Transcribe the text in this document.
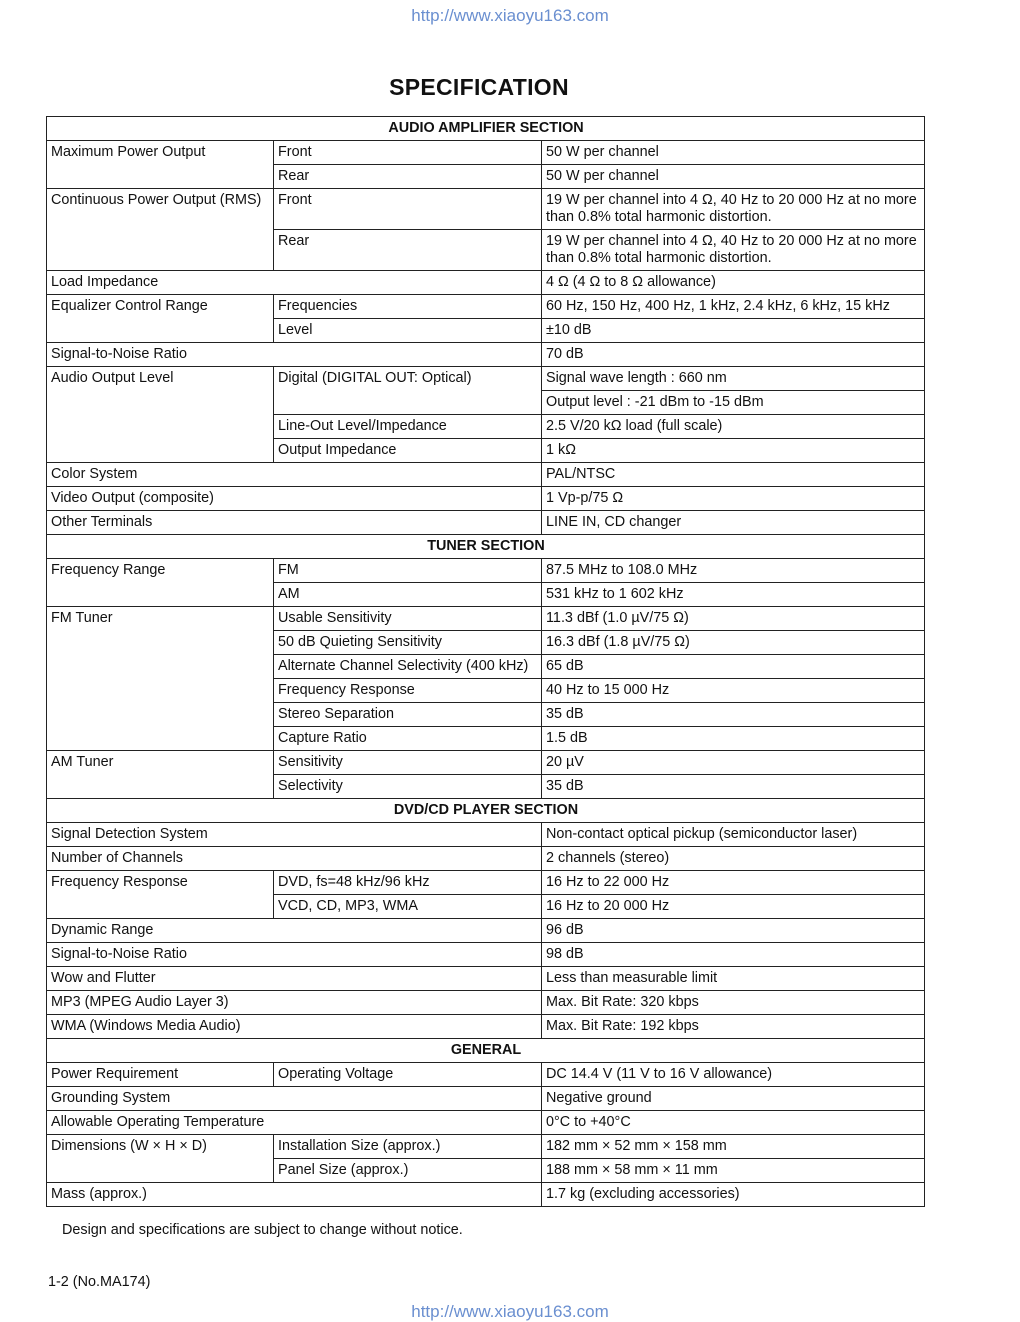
http://www.xiaoyu163.com
SPECIFICATION
AUDIO AMPLIFIER SECTION		
Maximum Power Output	Front	50 W per channel
	Rear	50 W per channel
Continuous Power Output (RMS)	Front	19 W per channel into 4 Ω, 40 Hz to 20 000 Hz at no more than 0.8% total harmonic distortion.
	Rear	19 W per channel into 4 Ω, 40 Hz to 20 000 Hz at no more than 0.8% total harmonic distortion.
Load Impedance		4 Ω (4 Ω to 8 Ω allowance)
Equalizer Control Range	Frequencies	60 Hz, 150 Hz, 400 Hz, 1 kHz, 2.4 kHz, 6 kHz, 15 kHz
	Level	±10 dB
Signal-to-Noise Ratio		70 dB
Audio Output Level	Digital (DIGITAL OUT: Optical)	Signal wave length : 660 nm
		Output level : -21 dBm to -15 dBm
	Line-Out Level/Impedance	2.5 V/20 kΩ load (full scale)
	Output Impedance	1 kΩ
Color System		PAL/NTSC
Video Output (composite)		1 Vp-p/75 Ω
Other Terminals		LINE IN, CD changer
TUNER SECTION		
Frequency Range	FM	87.5 MHz to 108.0 MHz
	AM	531 kHz to 1 602 kHz
FM Tuner	Usable Sensitivity	11.3 dBf (1.0 µV/75 Ω)
	50 dB Quieting Sensitivity	16.3 dBf (1.8 µV/75 Ω)
	Alternate Channel Selectivity (400 kHz)	65 dB
	Frequency Response	40 Hz to 15 000 Hz
	Stereo Separation	35 dB
	Capture Ratio	1.5 dB
AM Tuner	Sensitivity	20 µV
	Selectivity	35 dB
DVD/CD PLAYER SECTION		
Signal Detection System		Non-contact optical pickup (semiconductor laser)
Number of Channels		2 channels (stereo)
Frequency Response	DVD, fs=48 kHz/96 kHz	16 Hz to 22 000 Hz
	VCD, CD, MP3, WMA	16 Hz to 20 000 Hz
Dynamic Range		96 dB
Signal-to-Noise Ratio		98 dB
Wow and Flutter		Less than measurable limit
MP3 (MPEG Audio Layer 3)		Max. Bit Rate: 320 kbps
WMA (Windows Media Audio)		Max. Bit Rate: 192 kbps
GENERAL		
Power Requirement	Operating Voltage	DC 14.4 V (11 V to 16 V allowance)
Grounding System		Negative ground
Allowable Operating Temperature		0°C to +40°C
Dimensions (W × H × D)	Installation Size (approx.)	182 mm × 52 mm × 158 mm
	Panel Size (approx.)	188 mm × 58 mm × 11 mm
Mass (approx.)		1.7 kg (excluding accessories)
Design and specifications are subject to change without notice.
1-2 (No.MA174)
http://www.xiaoyu163.com
